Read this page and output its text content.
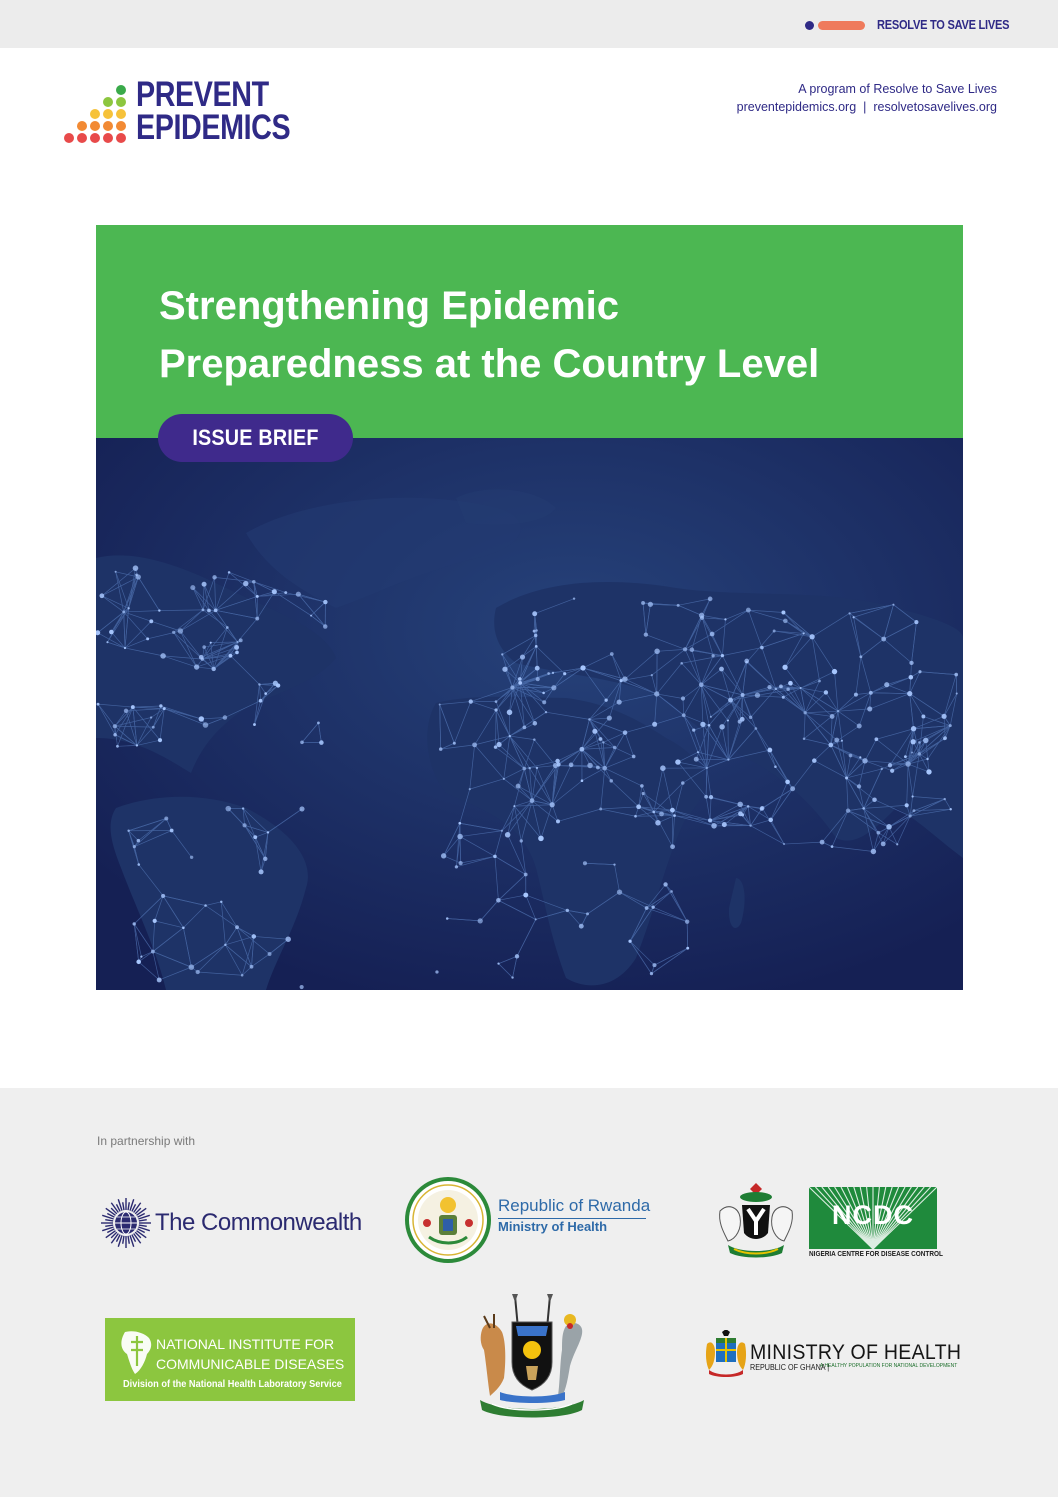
RESOLVE TO SAVE LIVES
PREVENT
EPIDEMICS
A program of Resolve to Save Lives
preventepidemics.org | resolvetosavelives.org
Strengthening Epidemic
Preparedness at the Country Level
ISSUE BRIEF
In partnership with
The Commonwealth
Republic of Rwanda
Ministry of Health	NCDC
NIGERIA CENTRE FOR DISEASE CONTROL
NATIONAL INSTITUTE FOR
COMMUNICABLE DISEASES
Division of the National Health Laboratory Service
MINISTRY OF HEALTH
REPUBLIC OF GHANA |
A HEALTHY POPULATION FOR NATIONAL DEVELOPMENT
